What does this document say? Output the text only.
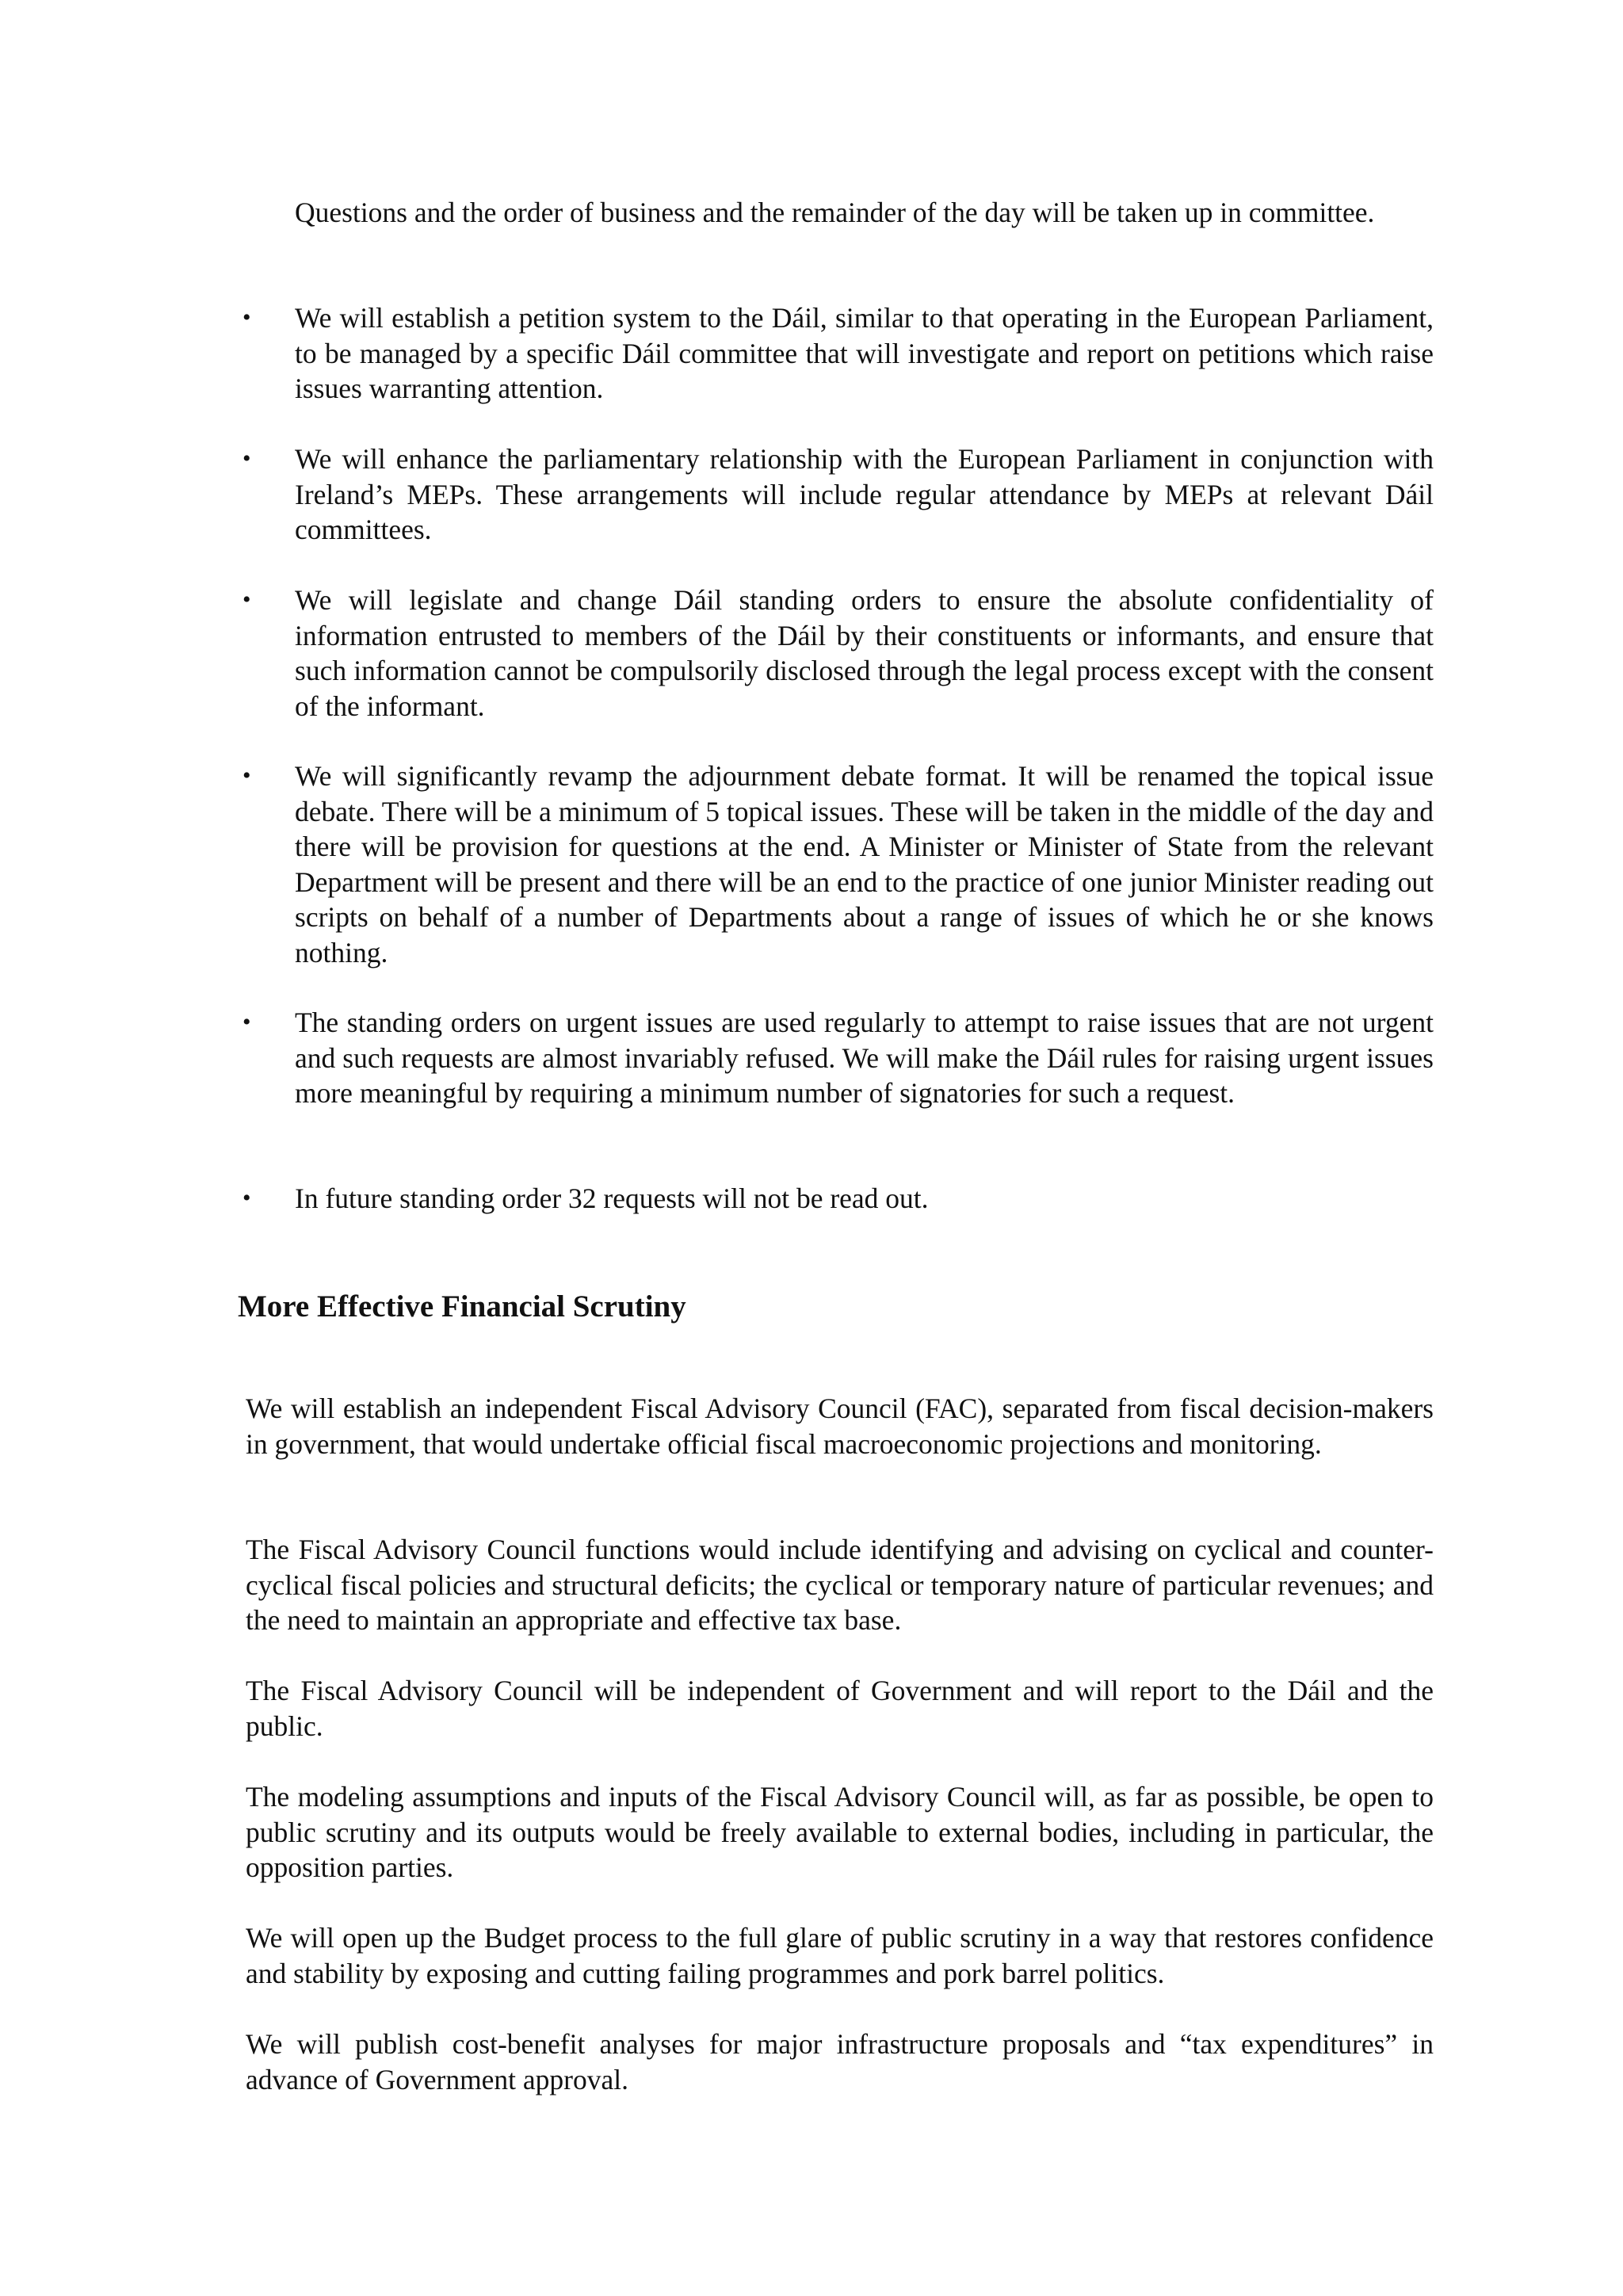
Questions and the order of business and the remainder of the day will be taken up in committee.

• We will establish a petition system to the Dáil, similar to that operating in the European Parliament, to be managed by a specific Dáil committee that will investigate and report on petitions which raise issues warranting attention.

• We will enhance the parliamentary relationship with the European Parliament in conjunction with Ireland’s MEPs. These arrangements will include regular attendance by MEPs at relevant Dáil committees.

• We will legislate and change Dáil standing orders to ensure the absolute confidentiality of information entrusted to members of the Dáil by their constituents or informants, and ensure that such information cannot be compulsorily disclosed through the legal process except with the consent of the informant.

• We will significantly revamp the adjournment debate format. It will be renamed the topical issue debate. There will be a minimum of 5 topical issues. These will be taken in the middle of the day and there will be provision for questions at the end. A Minister or Minister of State from the relevant Department will be present and there will be an end to the practice of one junior Minister reading out scripts on behalf of a number of Departments about a range of issues of which he or she knows nothing.

• The standing orders on urgent issues are used regularly to attempt to raise issues that are not urgent and such requests are almost invariably refused. We will make the Dáil rules for raising urgent issues more meaningful by requiring a minimum number of signatories for such a request.

• In future standing order 32 requests will not be read out.

More Effective Financial Scrutiny

We will establish an independent Fiscal Advisory Council (FAC), separated from fiscal decision-makers in government, that would undertake official fiscal macroeconomic projections and monitoring.

The Fiscal Advisory Council functions would include identifying and advising on cyclical and counter-cyclical fiscal policies and structural deficits; the cyclical or temporary nature of particular revenues; and the need to maintain an appropriate and effective tax base.

The Fiscal Advisory Council will be independent of Government and will report to the Dáil and the public.

The modeling assumptions and inputs of the Fiscal Advisory Council will, as far as possible, be open to public scrutiny and its outputs would be freely available to external bodies, including in particular, the opposition parties.

We will open up the Budget process to the full glare of public scrutiny in a way that restores confidence and stability by exposing and cutting failing programmes and pork barrel politics.

We will publish cost-benefit analyses for major infrastructure proposals and “tax expenditures” in advance of Government approval.
